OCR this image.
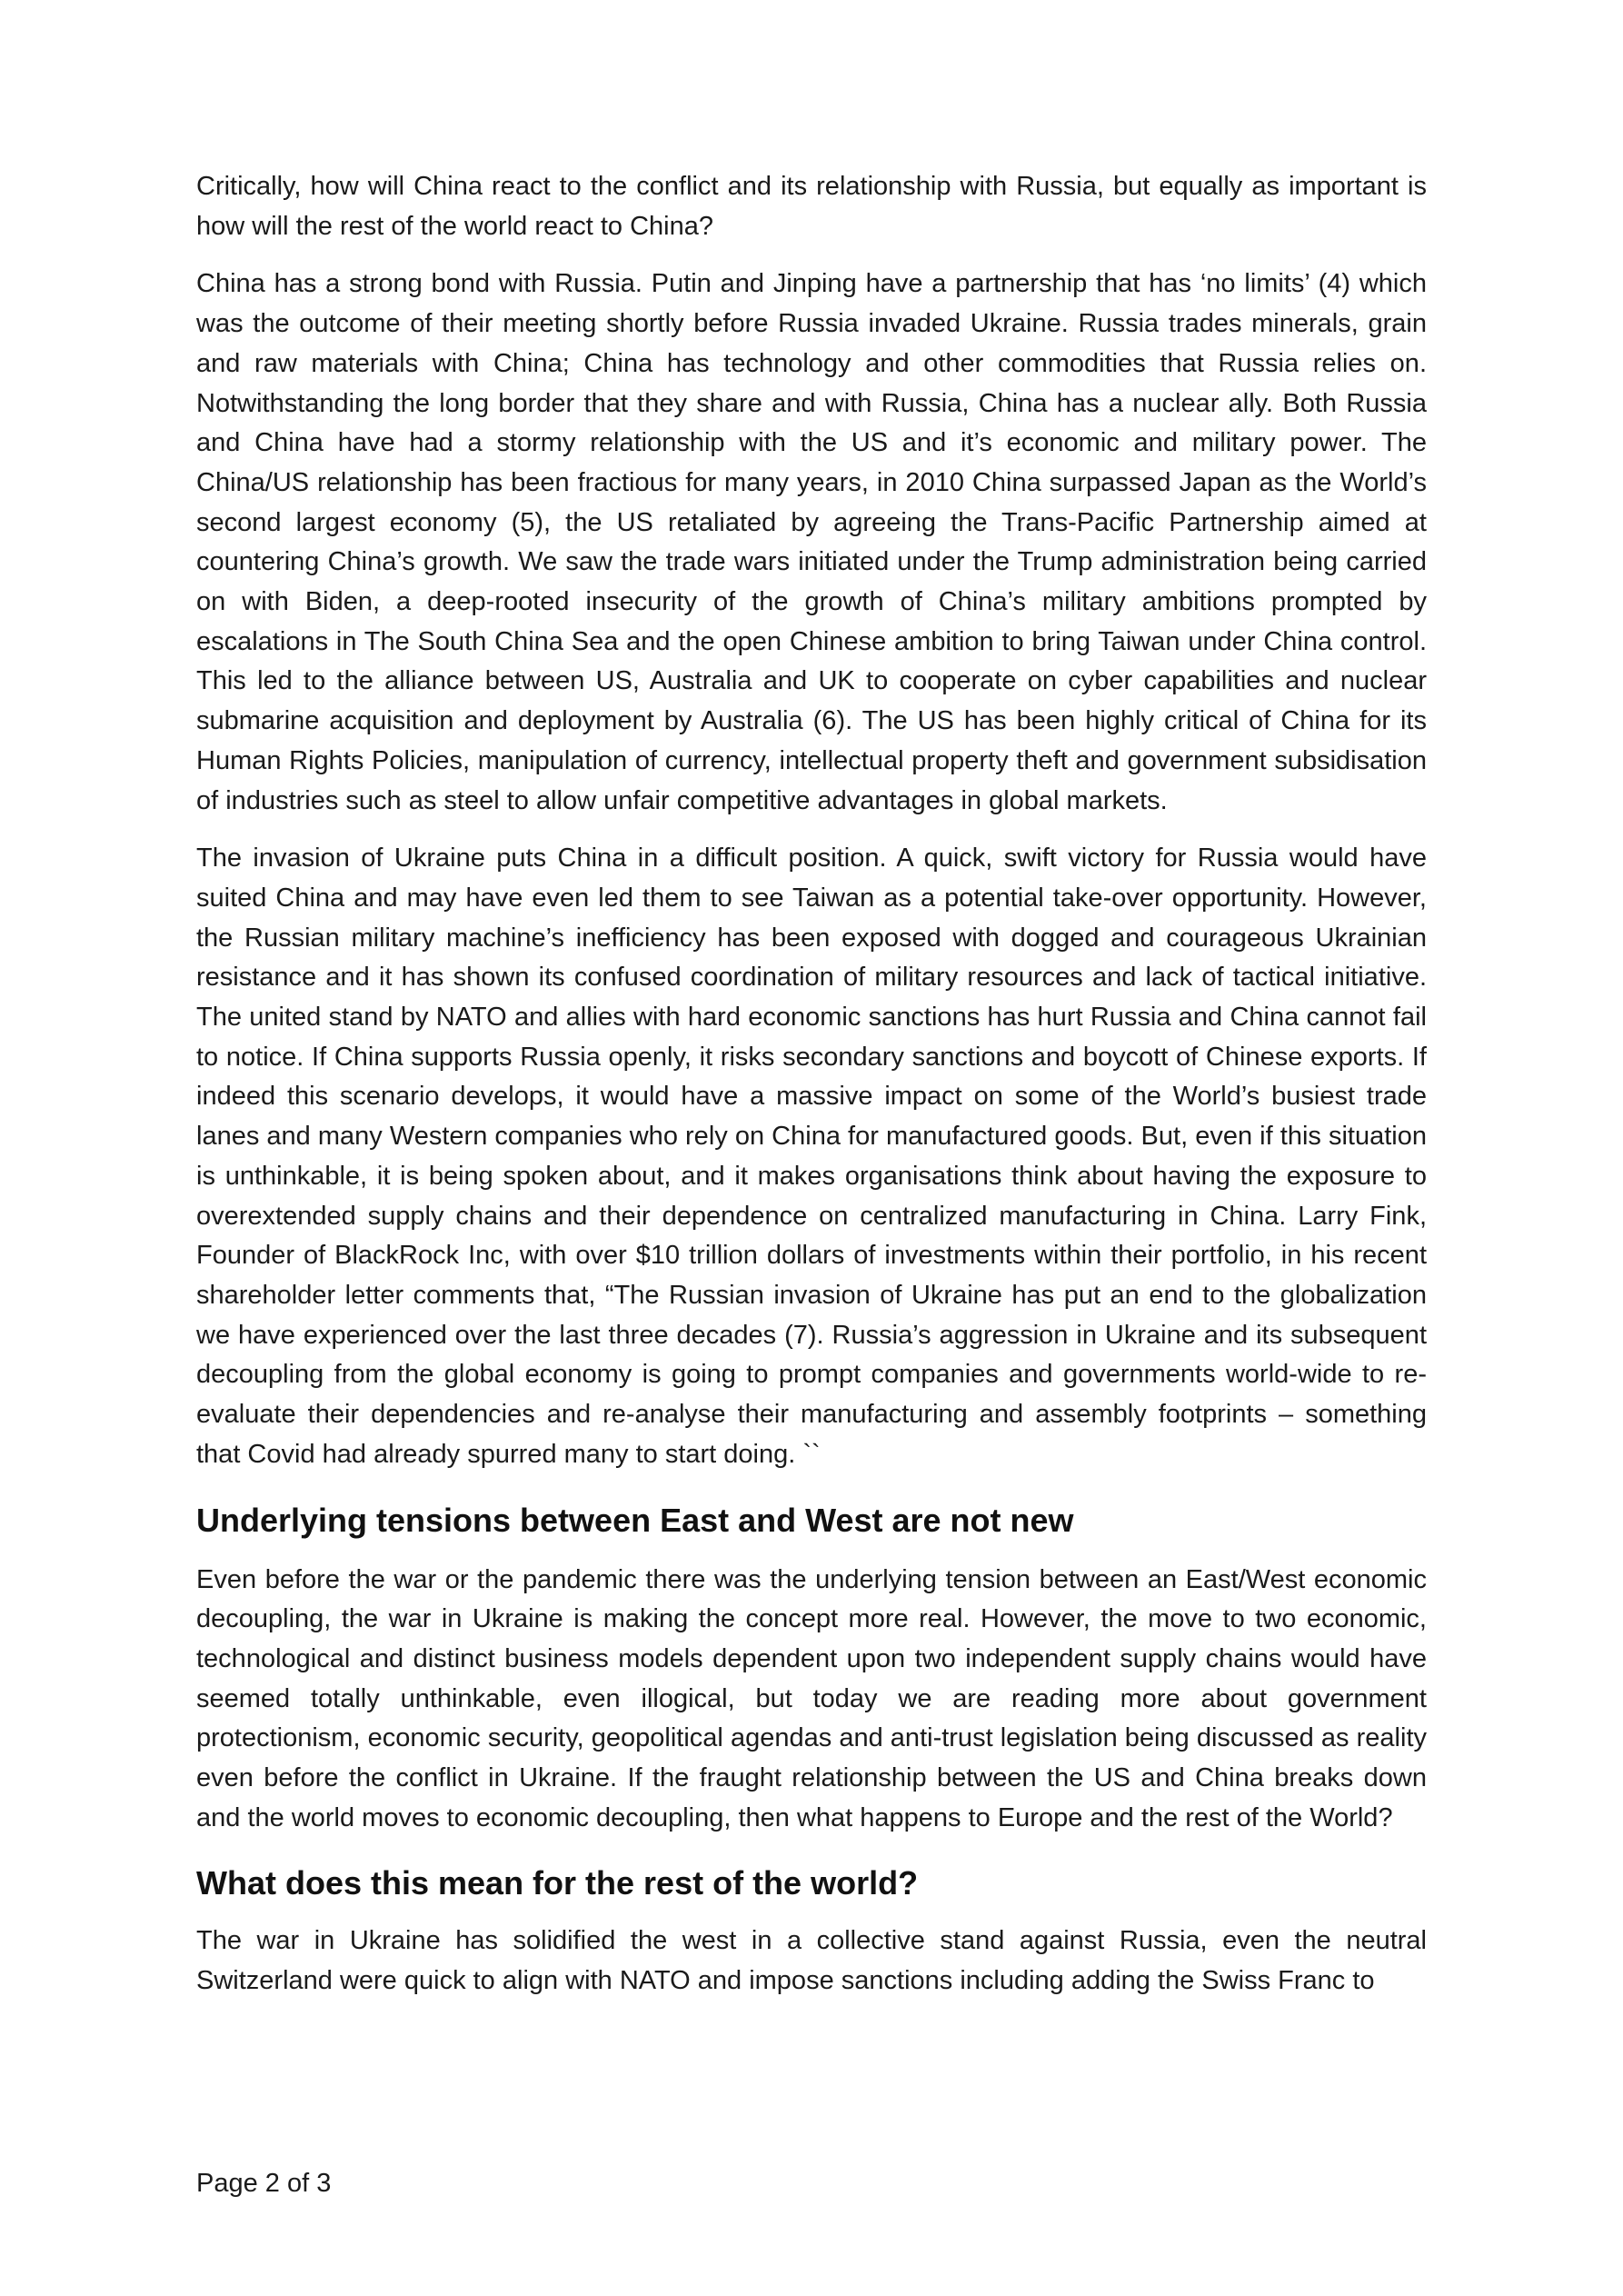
Critically, how will China react to the conflict and its relationship with Russia, but equally as important is how will the rest of the world react to China?

China has a strong bond with Russia. Putin and Jinping have a partnership that has ‘no limits’ (4) which was the outcome of their meeting shortly before Russia invaded Ukraine. Russia trades minerals, grain and raw materials with China; China has technology and other commodities that Russia relies on. Notwithstanding the long border that they share and with Russia, China has a nuclear ally. Both Russia and China have had a stormy relationship with the US and it’s economic and military power. The China/US relationship has been fractious for many years, in 2010 China surpassed Japan as the World’s second largest economy (5), the US retaliated by agreeing the Trans-Pacific Partnership aimed at countering China’s growth. We saw the trade wars initiated under the Trump administration being carried on with Biden, a deep-rooted insecurity of the growth of China’s military ambitions prompted by escalations in The South China Sea and the open Chinese ambition to bring Taiwan under China control. This led to the alliance between US, Australia and UK to cooperate on cyber capabilities and nuclear submarine acquisition and deployment by Australia (6). The US has been highly critical of China for its Human Rights Policies, manipulation of currency, intellectual property theft and government subsidisation of industries such as steel to allow unfair competitive advantages in global markets.

The invasion of Ukraine puts China in a difficult position. A quick, swift victory for Russia would have suited China and may have even led them to see Taiwan as a potential take-over opportunity. However, the Russian military machine’s inefficiency has been exposed with dogged and courageous Ukrainian resistance and it has shown its confused coordination of military resources and lack of tactical initiative. The united stand by NATO and allies with hard economic sanctions has hurt Russia and China cannot fail to notice. If China supports Russia openly, it risks secondary sanctions and boycott of Chinese exports. If indeed this scenario develops, it would have a massive impact on some of the World’s busiest trade lanes and many Western companies who rely on China for manufactured goods. But, even if this situation is unthinkable, it is being spoken about, and it makes organisations think about having the exposure to overextended supply chains and their dependence on centralized manufacturing in China. Larry Fink, Founder of BlackRock Inc, with over $10 trillion dollars of investments within their portfolio, in his recent shareholder letter comments that, “The Russian invasion of Ukraine has put an end to the globalization we have experienced over the last three decades (7). Russia’s aggression in Ukraine and its subsequent decoupling from the global economy is going to prompt companies and governments world-wide to re-evaluate their dependencies and re-analyse their manufacturing and assembly footprints – something that Covid had already spurred many to start doing. ``

Underlying tensions between East and West are not new

Even before the war or the pandemic there was the underlying tension between an East/West economic decoupling, the war in Ukraine is making the concept more real. However, the move to two economic, technological and distinct business models dependent upon two independent supply chains would have seemed totally unthinkable, even illogical, but today we are reading more about government protectionism, economic security, geopolitical agendas and anti-trust legislation being discussed as reality even before the conflict in Ukraine. If the fraught relationship between the US and China breaks down and the world moves to economic decoupling, then what happens to Europe and the rest of the World?

What does this mean for the rest of the world?

The war in Ukraine has solidified the west in a collective stand against Russia, even the neutral Switzerland were quick to align with NATO and impose sanctions including adding the Swiss Franc to

Page 2 of 3
